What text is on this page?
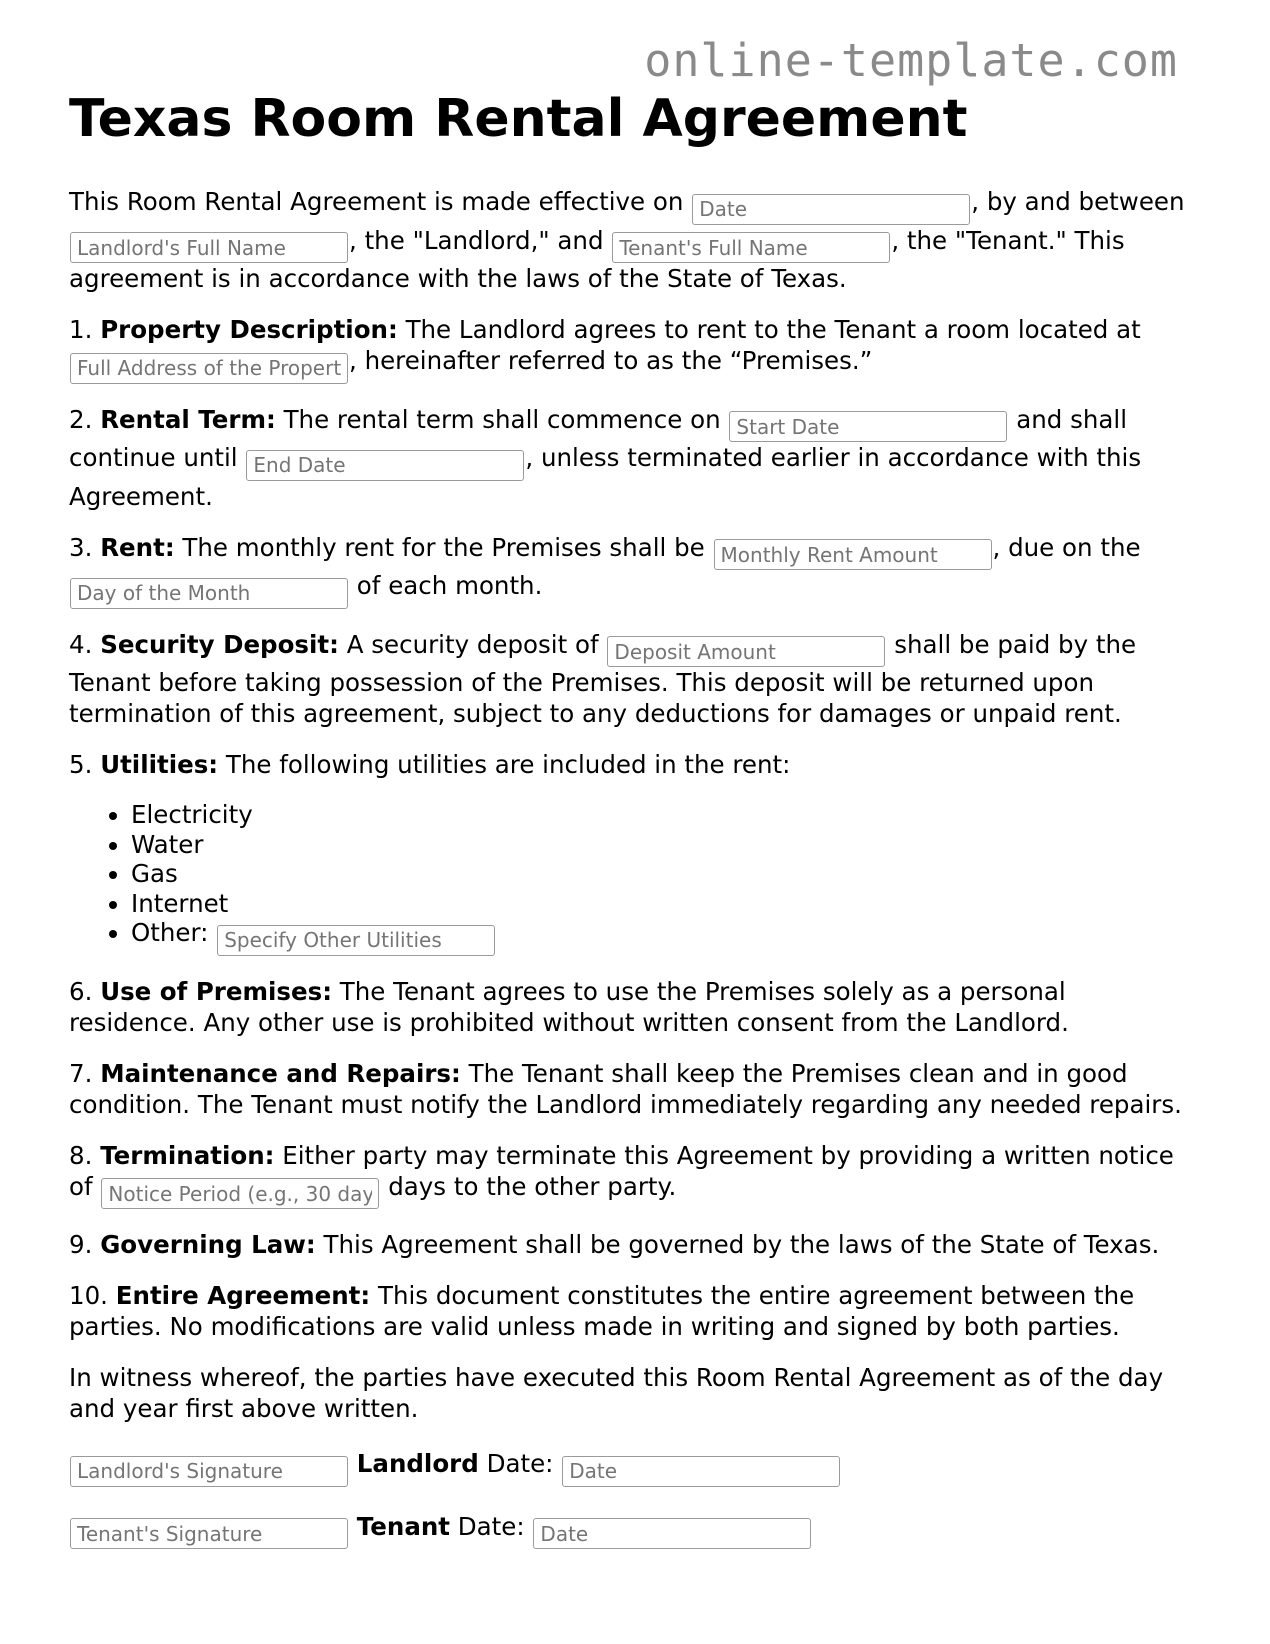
online-template.com
Texas Room Rental Agreement

This Room Rental Agreement is made effective on Date	, by and between Landlord's Full Name, the "Landlord," and Tenant's Full Name	, the "Tenant." This agreement is in accordance with the laws of the State of Texas.

1. Property Description: The Landlord agrees to rent to the Tenant a room located at Full Address of the Property, hereinafter referred to as the “Premises.”

2. Rental Term: The rental term shall commence on Start Date	and shall continue until End Date	, unless terminated earlier in accordance with this Agreement.

3. Rent: The monthly rent for the Premises shall be Monthly Rent Amount	, due on the Day of the Month of each month.

4. Security Deposit: A security deposit of Deposit Amount	shall be paid by the Tenant before taking possession of the Premises. This deposit will be returned upon termination of this agreement, subject to any deductions for damages or unpaid rent.

5. Utilities: The following utilities are included in the rent:

• Electricity
• Water
• Gas
• Internet
• Other: Specify Other Utilities

6. Use of Premises: The Tenant agrees to use the Premises solely as a personal residence. Any other use is prohibited without written consent from the Landlord.

7. Maintenance and Repairs: The Tenant shall keep the Premises clean and in good condition. The Tenant must notify the Landlord immediately regarding any needed repairs.

8. Termination: Either party may terminate this Agreement by providing a written notice of Notice Period (e.g., 30 days)	days to the other party.

9. Governing Law: This Agreement shall be governed by the laws of the State of Texas.

10. Entire Agreement: This document constitutes the entire agreement between the parties. No modifications are valid unless made in writing and signed by both parties.

In witness whereof, the parties have executed this Room Rental Agreement as of the day and year first above written.

Landlord's Signature Landlord Date: Date
Tenant's Signature Tenant Date: Date
